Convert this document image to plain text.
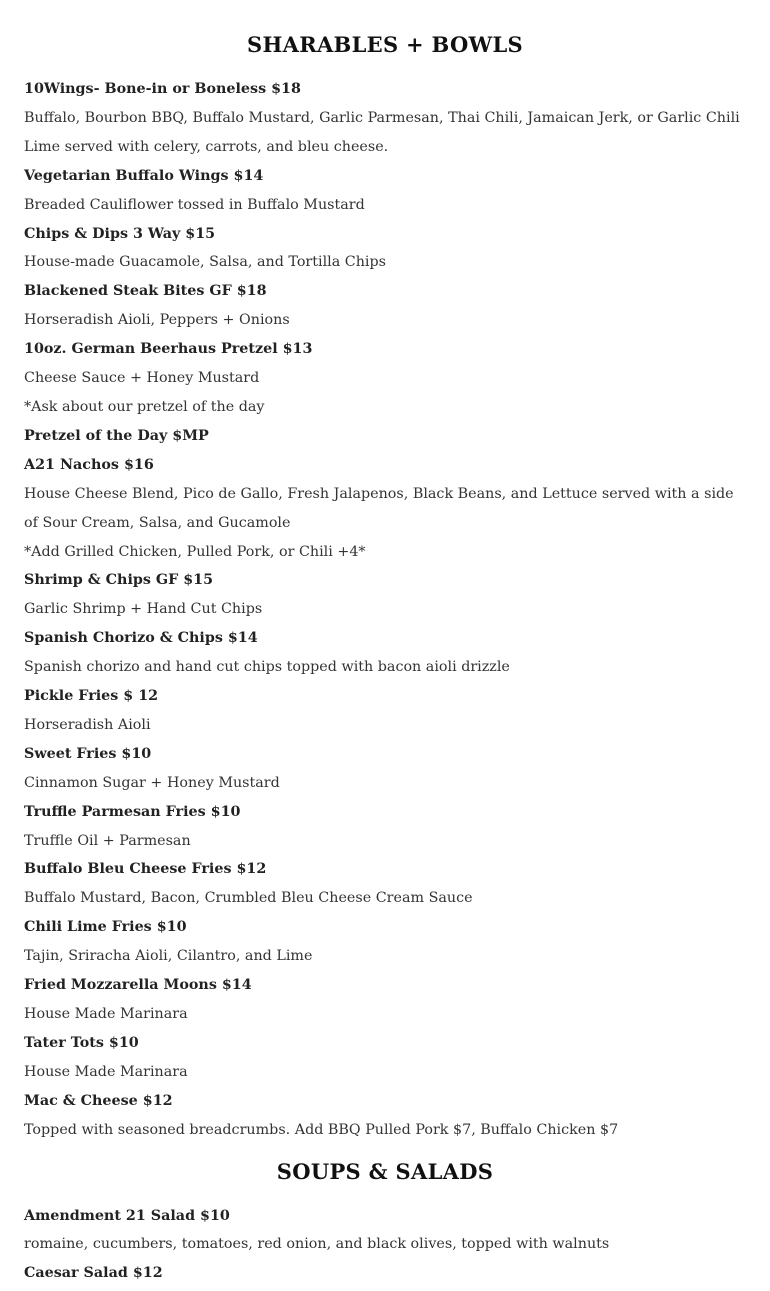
SHARABLES + BOWLS

10Wings- Bone-in or Boneless $18

Buffalo, Bourbon BBQ, Buffalo Mustard, Garlic Parmesan, Thai Chili, Jamaican Jerk, or Garlic Chili Lime served with celery, carrots, and bleu cheese.

Vegetarian Buffalo Wings $14

Breaded Cauliflower tossed in Buffalo Mustard

Chips & Dips 3 Way $15

House-made Guacamole, Salsa, and Tortilla Chips

Blackened Steak Bites GF $18

Horseradish Aioli, Peppers + Onions

10oz. German Beerhaus Pretzel $13

Cheese Sauce + Honey Mustard

*Ask about our pretzel of the day

Pretzel of the Day $MP

A21 Nachos $16

House Cheese Blend, Pico de Gallo, Fresh Jalapenos, Black Beans, and Lettuce served with a side of Sour Cream, Salsa, and Gucamole

*Add Grilled Chicken, Pulled Pork, or Chili +4*

Shrimp & Chips GF $15

Garlic Shrimp + Hand Cut Chips

Spanish Chorizo & Chips $14

Spanish chorizo and hand cut chips topped with bacon aioli drizzle

Pickle Fries $ 12

Horseradish Aioli

Sweet Fries $10

Cinnamon Sugar + Honey Mustard

Truffle Parmesan Fries $10

Truffle Oil + Parmesan

Buffalo Bleu Cheese Fries $12

Buffalo Mustard, Bacon, Crumbled Bleu Cheese Cream Sauce

Chili Lime Fries $10

Tajin, Sriracha Aioli, Cilantro, and Lime

Fried Mozzarella Moons $14

House Made Marinara

Tater Tots $10

House Made Marinara

Mac & Cheese $12

Topped with seasoned breadcrumbs. Add BBQ Pulled Pork $7, Buffalo Chicken $7

SOUPS & SALADS

Amendment 21 Salad $10

romaine, cucumbers, tomatoes, red onion, and black olives, topped with walnuts

Caesar Salad $12
